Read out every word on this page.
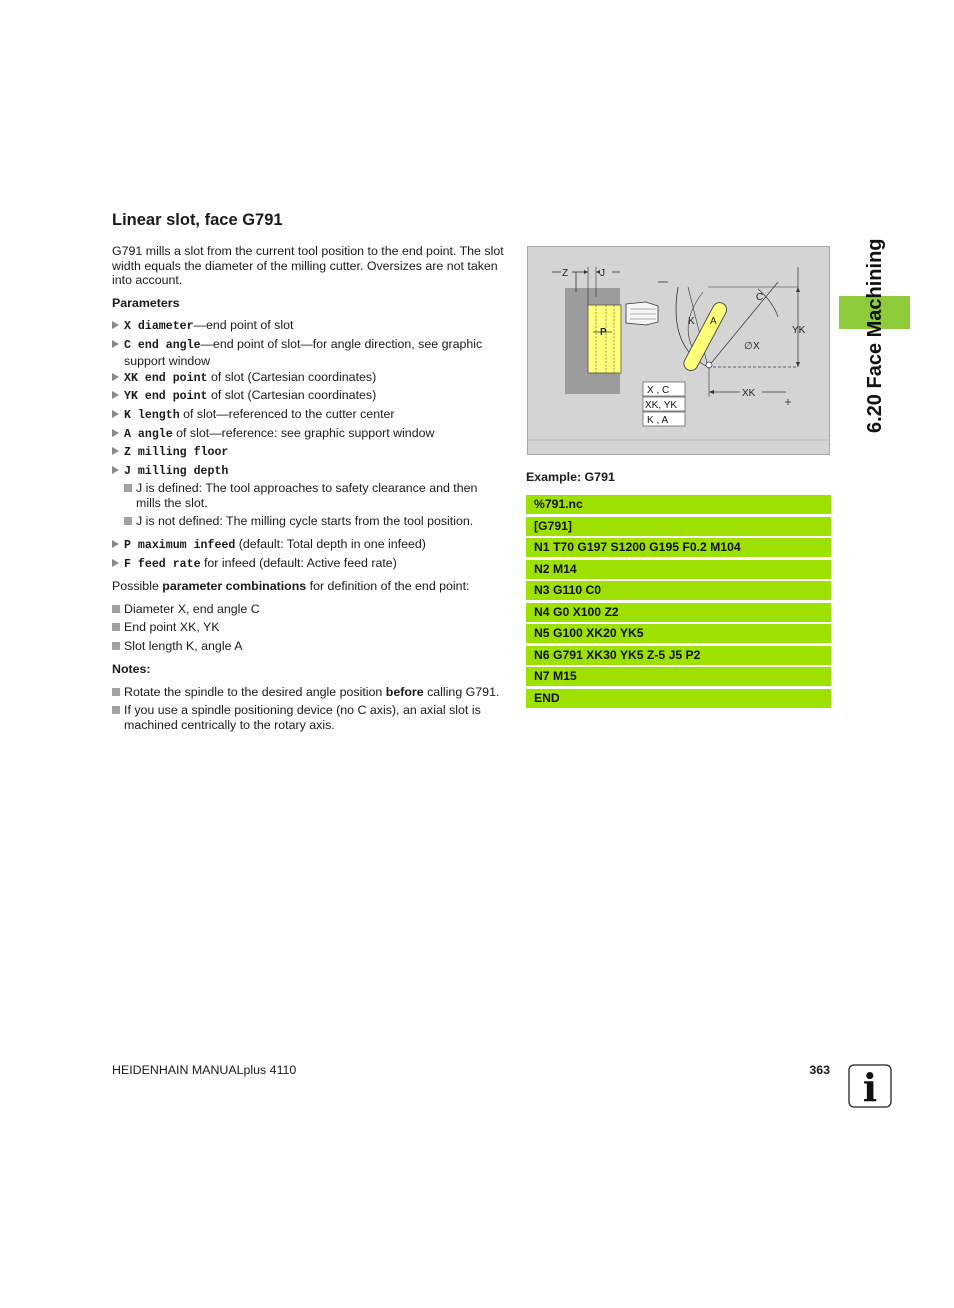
Linear slot, face G791
G791 mills a slot from the current tool position to the end point. The slot width equals the diameter of the milling cutter. Oversizes are not taken into account.
Parameters
X diameter—end point of slot
C end angle—end point of slot—for angle direction, see graphic support window
XK end point of slot (Cartesian coordinates)
YK end point of slot (Cartesian coordinates)
K length of slot—referenced to the cutter center
A angle of slot—reference: see graphic support window
Z milling floor
J milling depth
J is defined: The tool approaches to safety clearance and then mills the slot.
J is not defined: The milling cycle starts from the tool position.
P maximum infeed (default: Total depth in one infeed)
F feed rate for infeed (default: Active feed rate)
Possible parameter combinations for definition of the end point:
Diameter X, end angle C
End point XK, YK
Slot length K, angle A
Notes:
Rotate the spindle to the desired angle position before calling G791.
If you use a spindle positioning device (no C axis), an axial slot is machined centrically to the rotary axis.
Z	J
P
C
K A
YK
∅ X
XK
X , C
XK, YK
K , A
Example: G791
%791.nc
[G791]
N1 T70 G197 S1200 G195 F0.2 M104
N2 M14
N3 G110 C0
N4 G0 X100 Z2
N5 G100 XK20 YK5
N6 G791 XK30 YK5 Z-5 J5 P2
N7 M15
END
6.20 Face Machining
HEIDENHAIN MANUALplus 4110	363 i
